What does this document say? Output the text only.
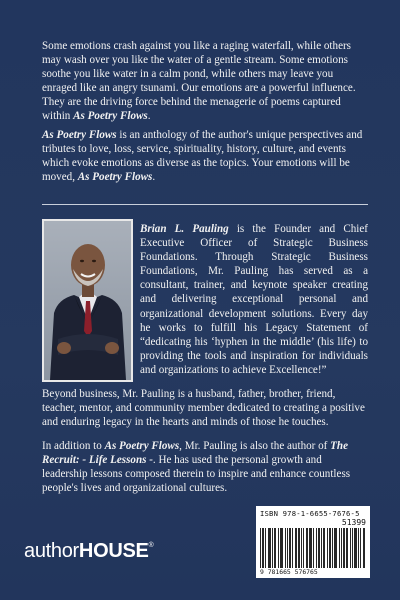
Some emotions crash against you like a raging waterfall, while others may wash over you like the water of a gentle stream. Some emotions soothe you like water in a calm pond, while others may leave you enraged like an angry tsunami. Our emotions are a powerful influence. They are the driving force behind the menagerie of poems captured within As Poetry Flows.
As Poetry Flows is an anthology of the author's unique perspectives and tributes to love, loss, service, spirituality, history, culture, and events which evoke emotions as diverse as the topics. Your emotions will be moved, As Poetry Flows.
Brian L. Pauling is the Founder and Chief Executive Officer of Strategic Business Foundations. Through Strategic Business Foundations, Mr. Pauling has served as a consultant, trainer, and keynote speaker creating and delivering exceptional personal and organizational development solutions. Every day he works to fulfill his Legacy Statement of “dedicating his ‘hyphen in the middle’ (his life) to providing the tools and inspiration for individuals and organizations to achieve Excellence!”
Beyond business, Mr. Pauling is a husband, father, brother, friend, teacher, mentor, and community member dedicated to creating a positive and enduring legacy in the hearts and minds of those he touches.
In addition to As Poetry Flows, Mr. Pauling is also the author of The Recruit: - Life Lessons -. He has used the personal growth and leadership lessons composed therein to inspire and enhance countless people's lives and organizational cultures.
ISBN 978-1-6655-7676-5
51399
9 781665 576765
authorHOUSE®
